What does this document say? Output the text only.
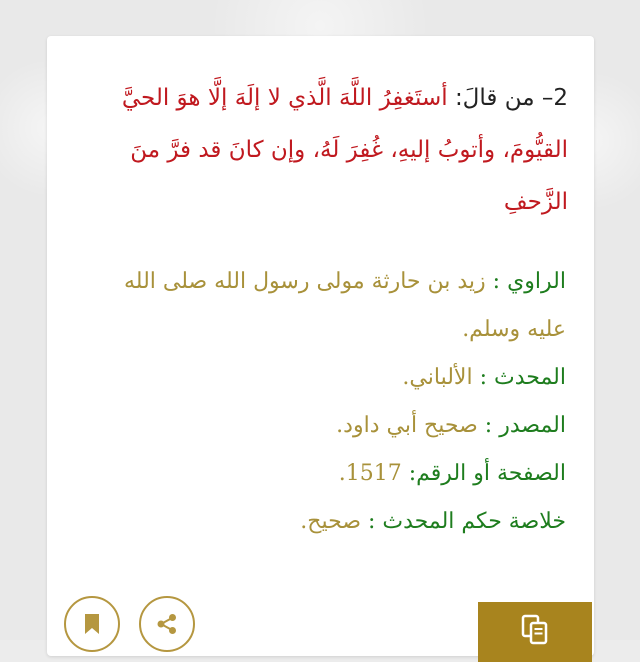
2– من قالَ: أستَغفِرُ اللَّهَ الَّذي لا إلَهَ إلَّا هوَ الحيَّ القيُّومَ، وأتوبُ إليهِ، غُفِرَ لَهُ، وإن كانَ قد فرَّ منَ الزَّحفِ

الراوي : زيد بن حارثة مولى رسول الله صلى الله عليه وسلم.
المحدث : الألباني.
المصدر : صحيح أبي داود.
الصفحة أو الرقم: 1517.
خلاصة حكم المحدث : صحيح.
